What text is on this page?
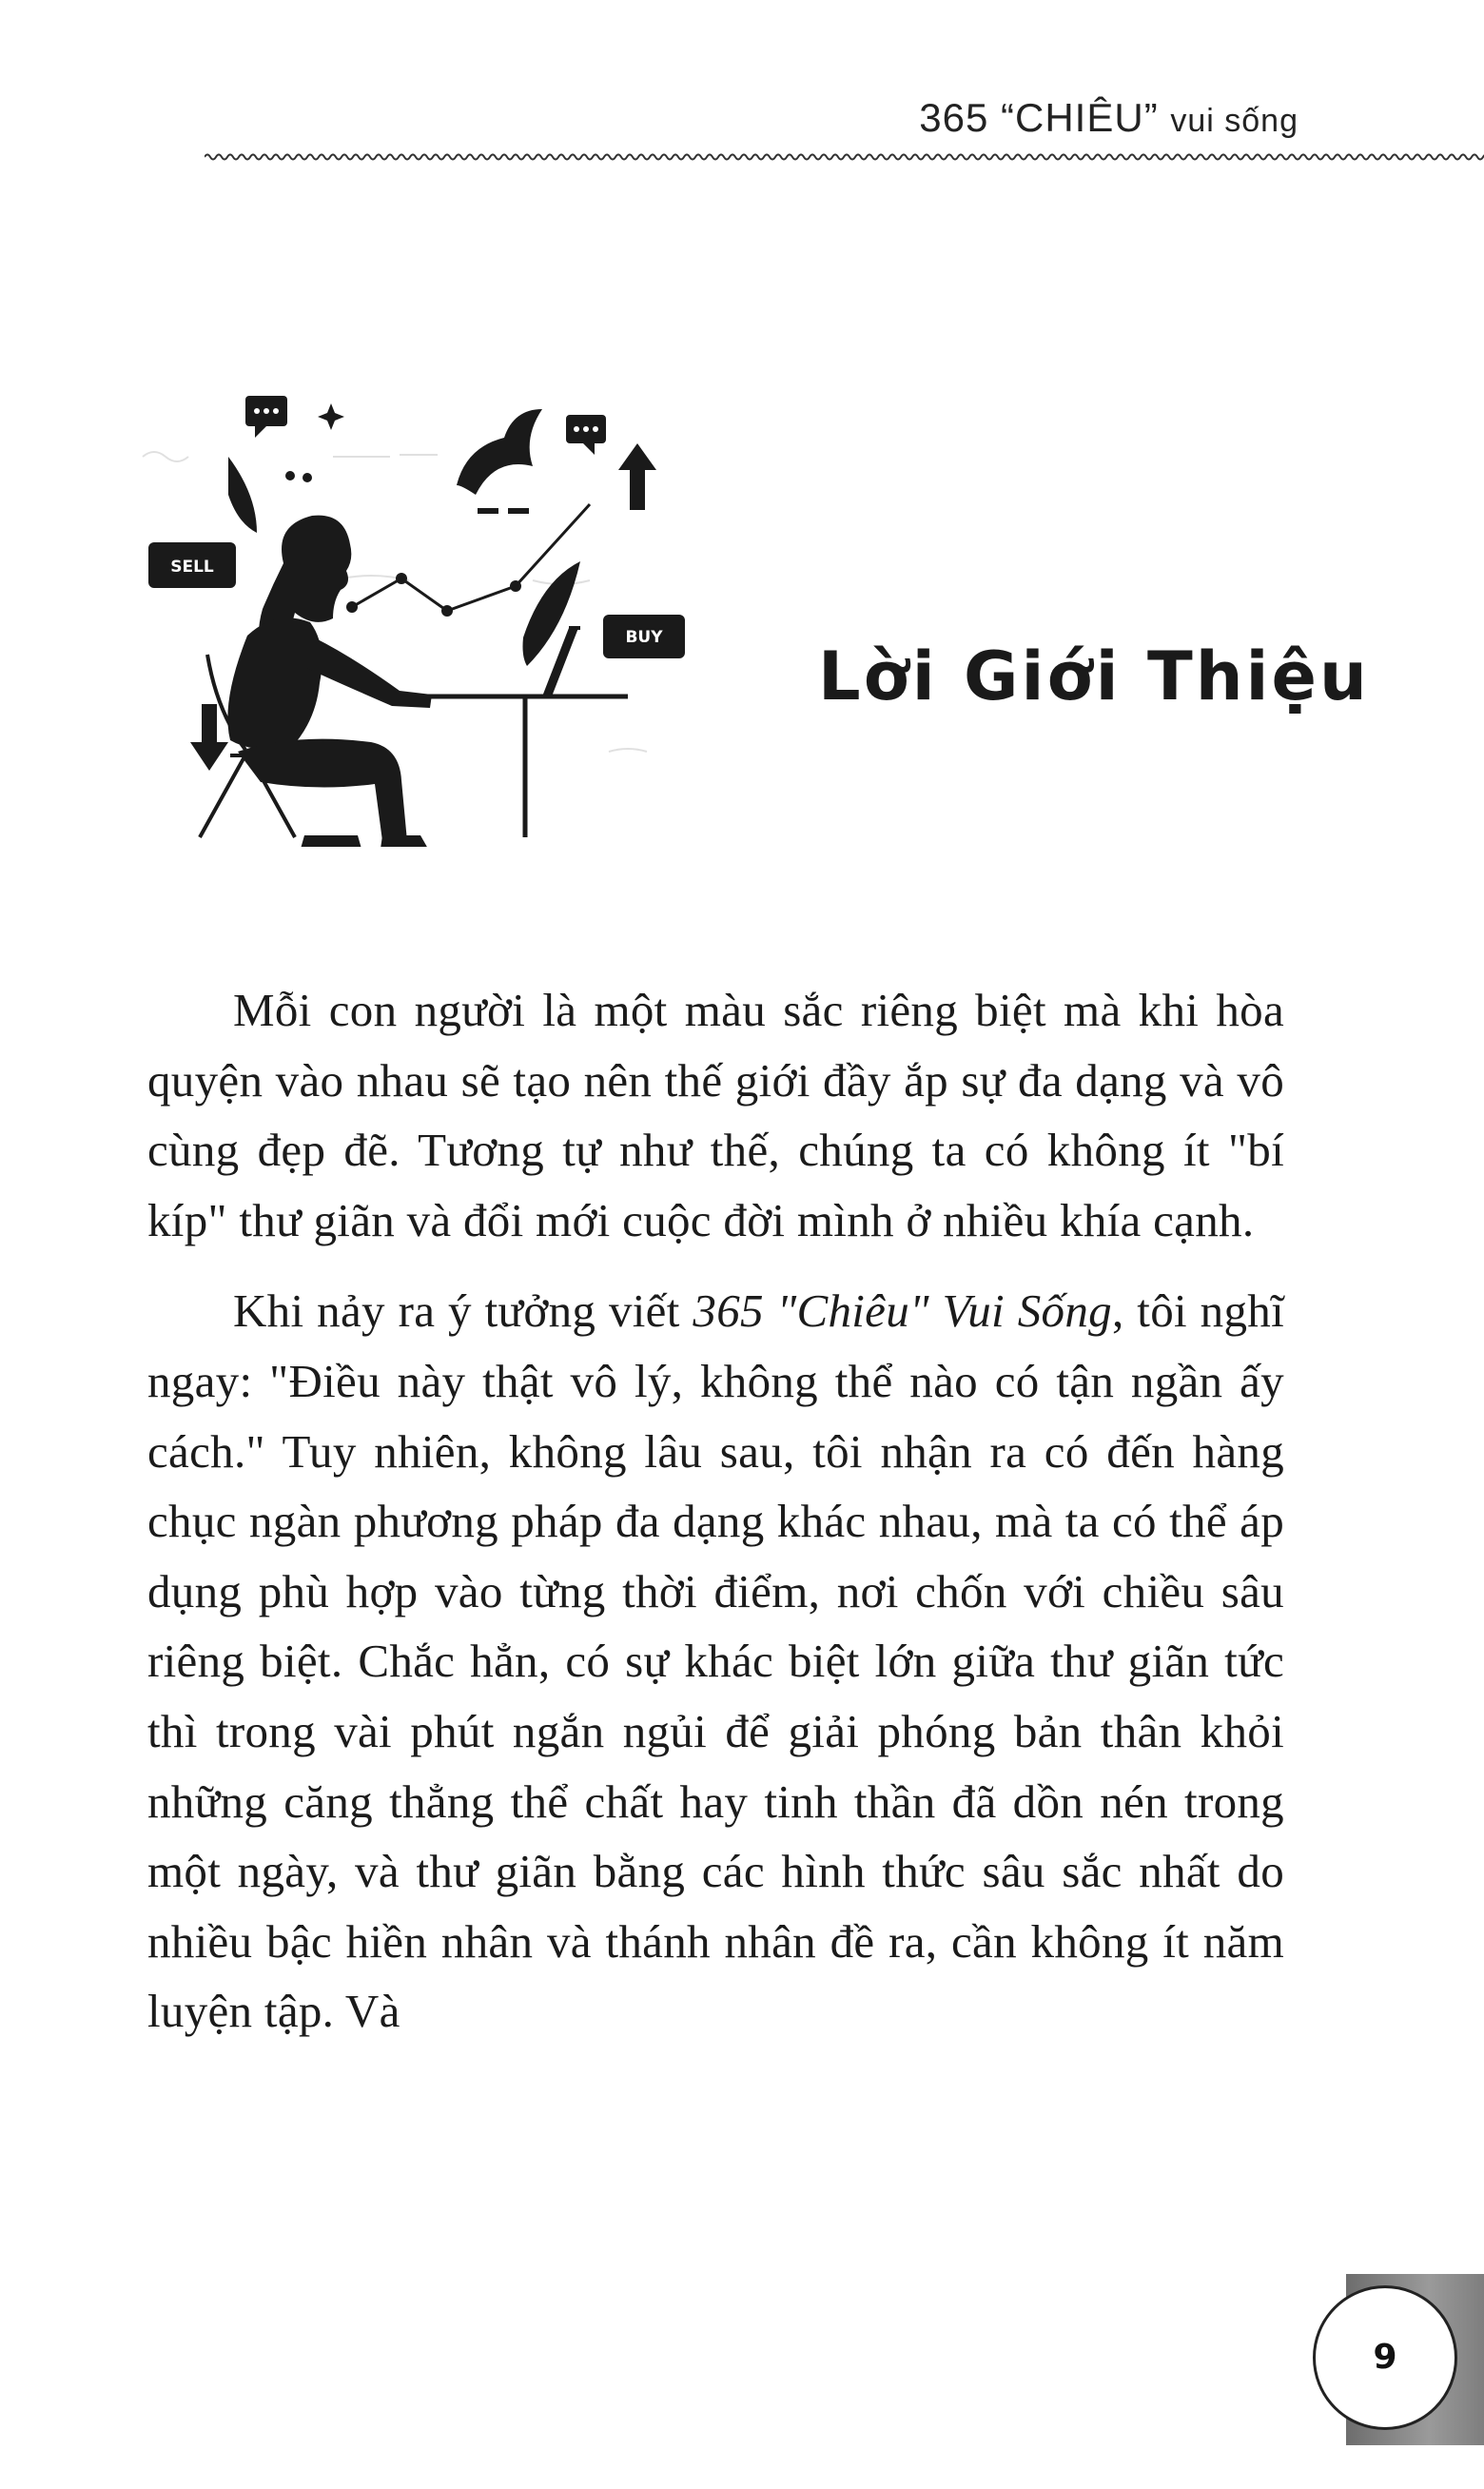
365 “CHIÊU” vui sống
SELL
BUY Lời Giới Thiệu

Mỗi con người là một màu sắc riêng biệt mà khi hòa quyện vào nhau sẽ tạo nên thế giới đầy ắp sự đa dạng và vô cùng đẹp đẽ. Tương tự như thế, chúng ta có không ít "bí kíp" thư giãn và đổi mới cuộc đời mình ở nhiều khía cạnh.

Khi nảy ra ý tưởng viết 365 "Chiêu" Vui Sống, tôi nghĩ ngay: "Điều này thật vô lý, không thể nào có tận ngần ấy cách." Tuy nhiên, không lâu sau, tôi nhận ra có đến hàng chục ngàn phương pháp đa dạng khác nhau, mà ta có thể áp dụng phù hợp vào từng thời điểm, nơi chốn với chiều sâu riêng biệt. Chắc hẳn, có sự khác biệt lớn giữa thư giãn tức thì trong vài phút ngắn ngủi để giải phóng bản thân khỏi những căng thẳng thể chất hay tinh thần đã dồn nén trong một ngày, và thư giãn bằng các hình thức sâu sắc nhất do nhiều bậc hiền nhân và thánh nhân đề ra, cần không ít năm luyện tập. Và

9
